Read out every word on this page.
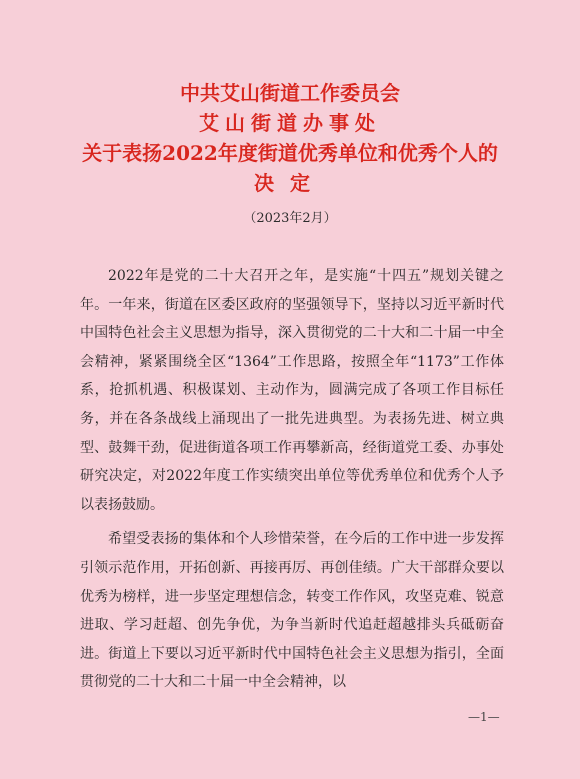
中共艾山街道工作委员会
艾山街道办事处
关于表扬2022年度街道优秀单位和优秀个人的
决定
（2023年2月）

2022年是党的二十大召开之年，是实施“十四五”规划关键之年。一年来，街道在区委区政府的坚强领导下，坚持以习近平新时代中国特色社会主义思想为指导，深入贯彻党的二十大和二十届一中全会精神，紧紧围绕全区“1364”工作思路，按照全年“1173”工作体系，抢抓机遇、积极谋划、主动作为，圆满完成了各项工作目标任务，并在各条战线上涌现出了一批先进典型。为表扬先进、树立典型、鼓舞干劲，促进街道各项工作再攀新高，经街道党工委、办事处研究决定，对2022年度工作实绩突出单位等优秀单位和优秀个人予以表扬鼓励。

希望受表扬的集体和个人珍惜荣誉，在今后的工作中进一步发挥引领示范作用，开拓创新、再接再厉、再创佳绩。广大干部群众要以优秀为榜样，进一步坚定理想信念，转变工作作风，攻坚克难、锐意进取、学习赶超、创先争优，为争当新时代追赶超越排头兵砥砺奋进。街道上下要以习近平新时代中国特色社会主义思想为指引，全面贯彻党的二十大和二十届一中全会精神，以

—1—
